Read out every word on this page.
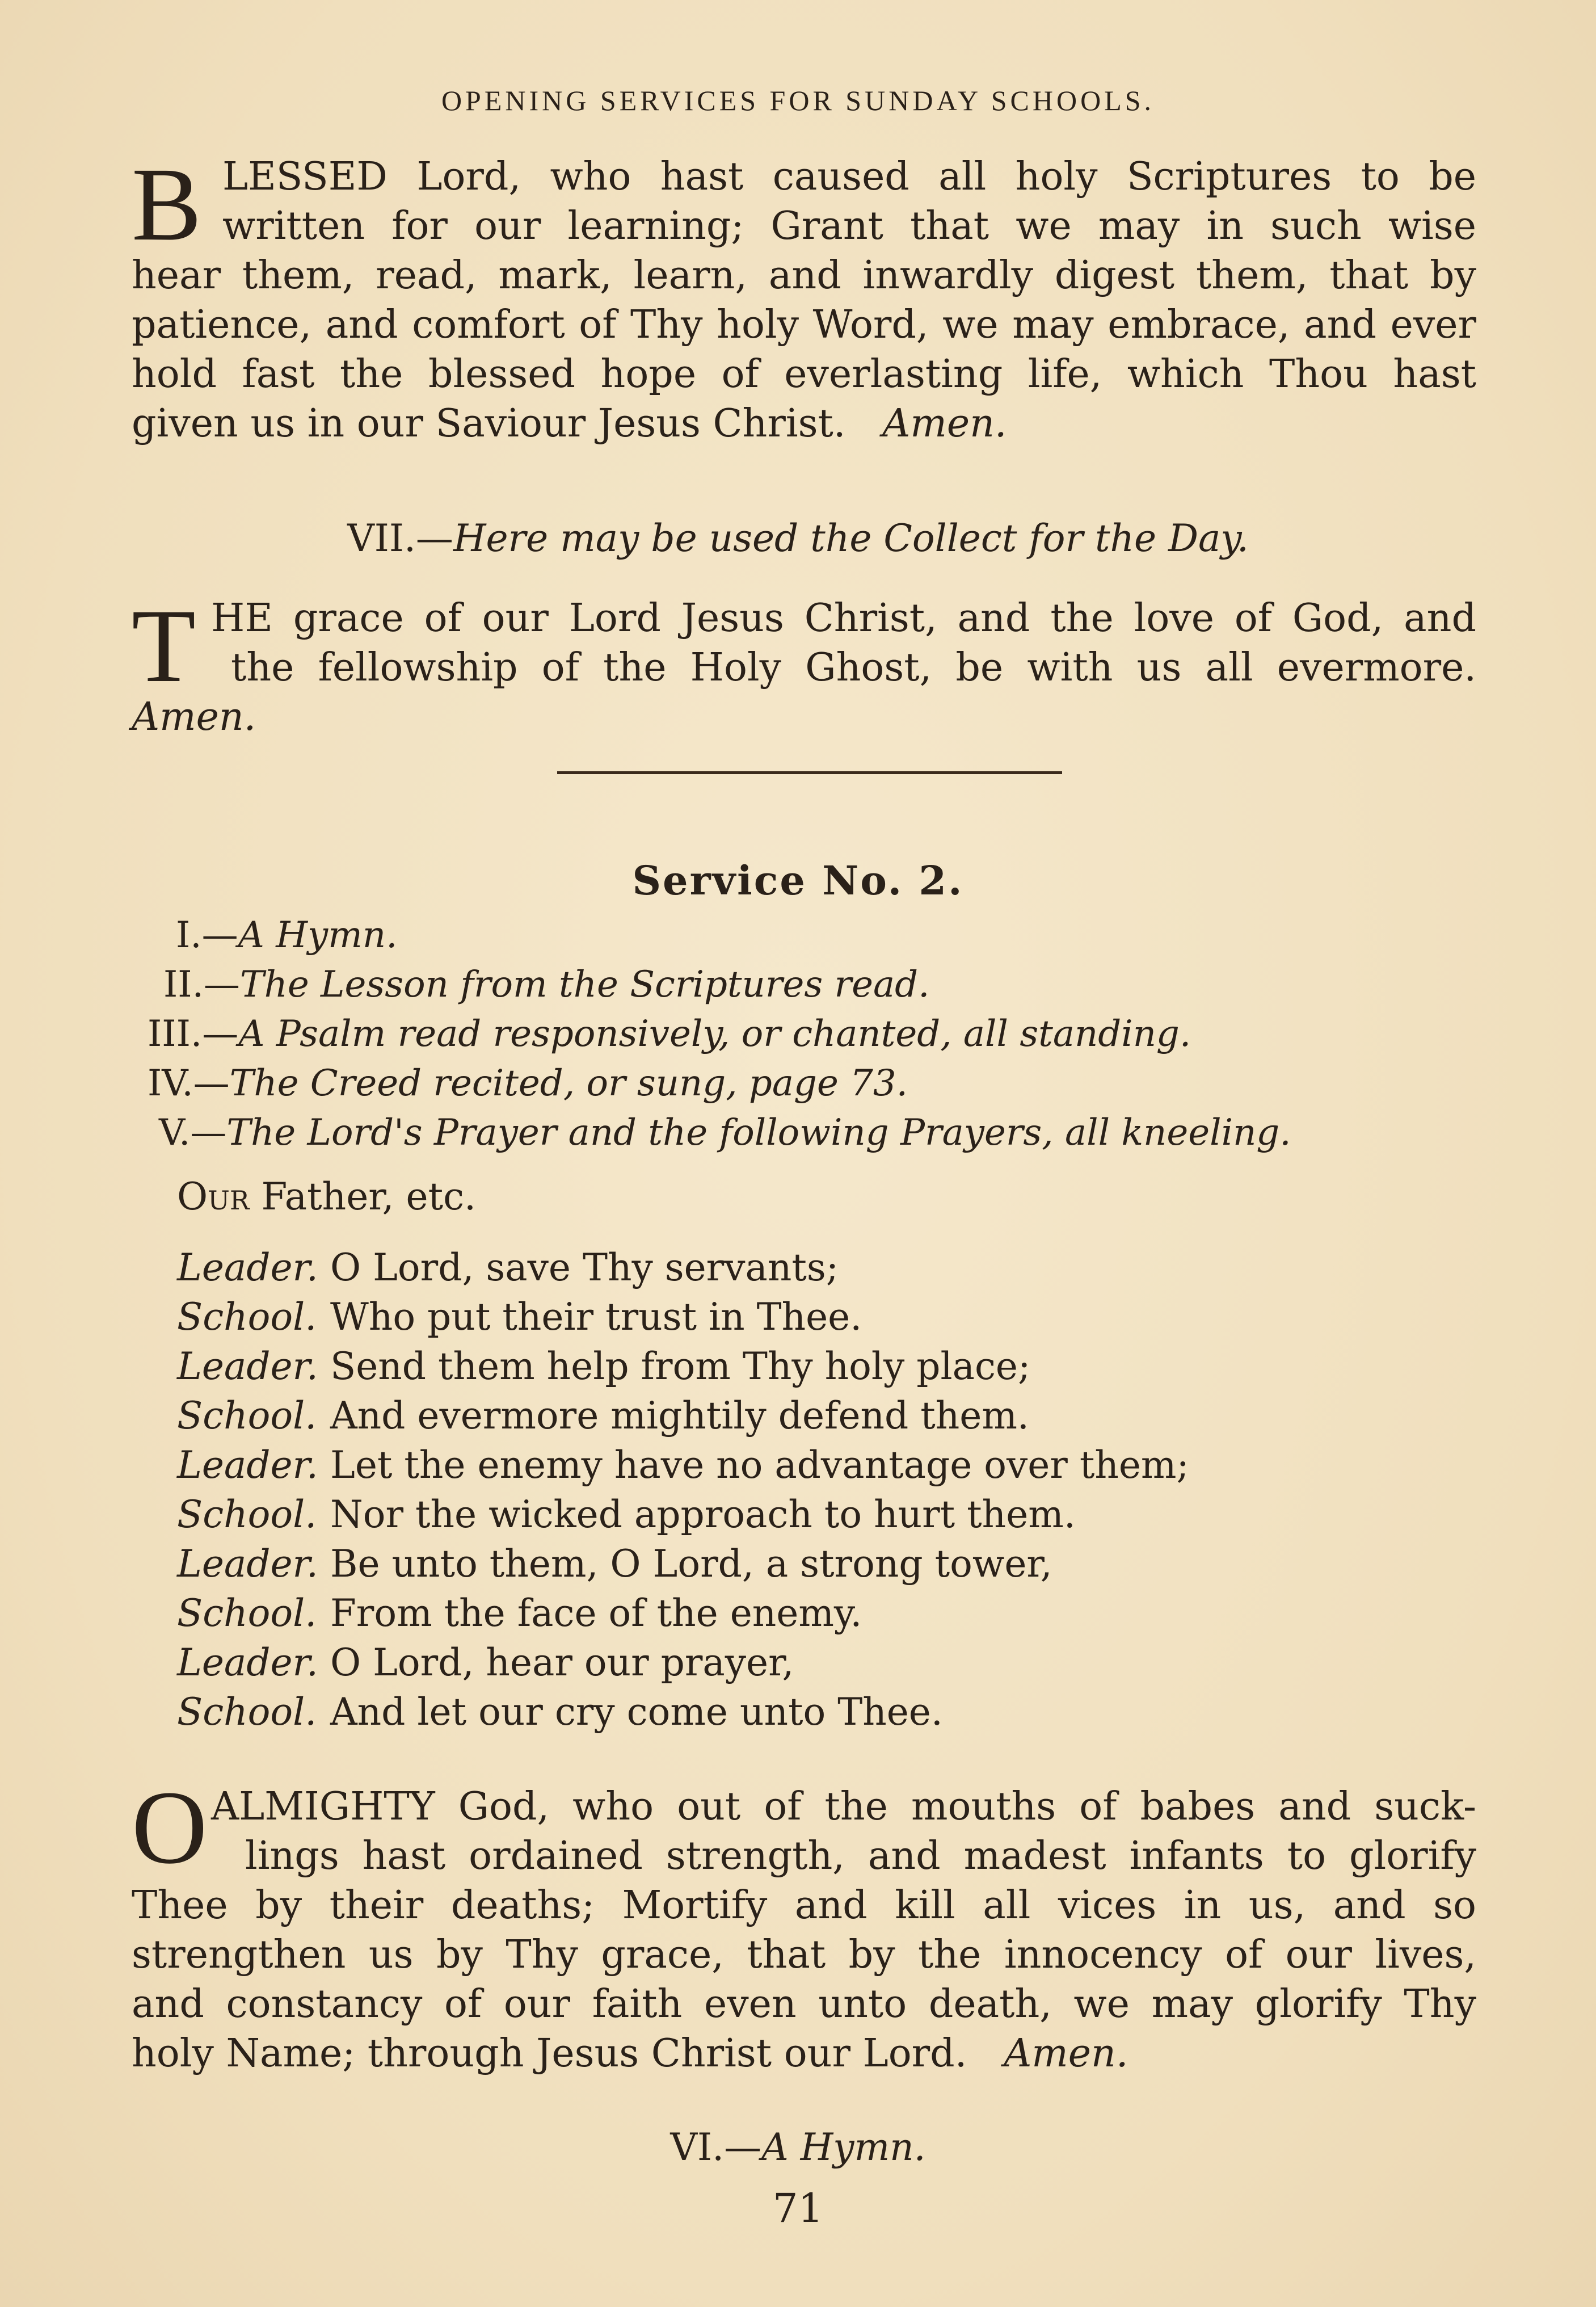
OPENING SERVICES FOR SUNDAY SCHOOLS.
B LESSED Lord, who hast caused all holy Scriptures to be
written for our learning; Grant that we may in such wise
hear them, read, mark, learn, and inwardly digest them, that by
patience, and comfort of Thy holy Word, we may embrace, and ever
hold fast the blessed hope of everlasting life, which Thou hast
given us in our Saviour Jesus Christ. Amen.
VII.—Here may be used the Collect for the Day.
T HE grace of our Lord Jesus Christ, and the love of God, and
the fellowship of the Holy Ghost, be with us all evermore.
Amen.
Service No. 2.
I.—A Hymn.
II.—The Lesson from the Scriptures read.
III.—A Psalm read responsively, or chanted, all standing.
IV.—The Creed recited, or sung, page 73.
V.—The Lord's Prayer and the following Prayers, all kneeling.
Our Father, etc.
Leader. O Lord, save Thy servants;
School. Who put their trust in Thee.
Leader. Send them help from Thy holy place;
School. And evermore mightily defend them.
Leader. Let the enemy have no advantage over them;
School. Nor the wicked approach to hurt them.
Leader. Be unto them, O Lord, a strong tower,
School. From the face of the enemy.
Leader. O Lord, hear our prayer,
School. And let our cry come unto Thee.
O ALMIGHTY God, who out of the mouths of babes and suck-
lings hast ordained strength, and madest infants to glorify
Thee by their deaths; Mortify and kill all vices in us, and so
strengthen us by Thy grace, that by the innocency of our lives,
and constancy of our faith even unto death, we may glorify Thy
holy Name; through Jesus Christ our Lord. Amen.
VI.—A Hymn.
71
